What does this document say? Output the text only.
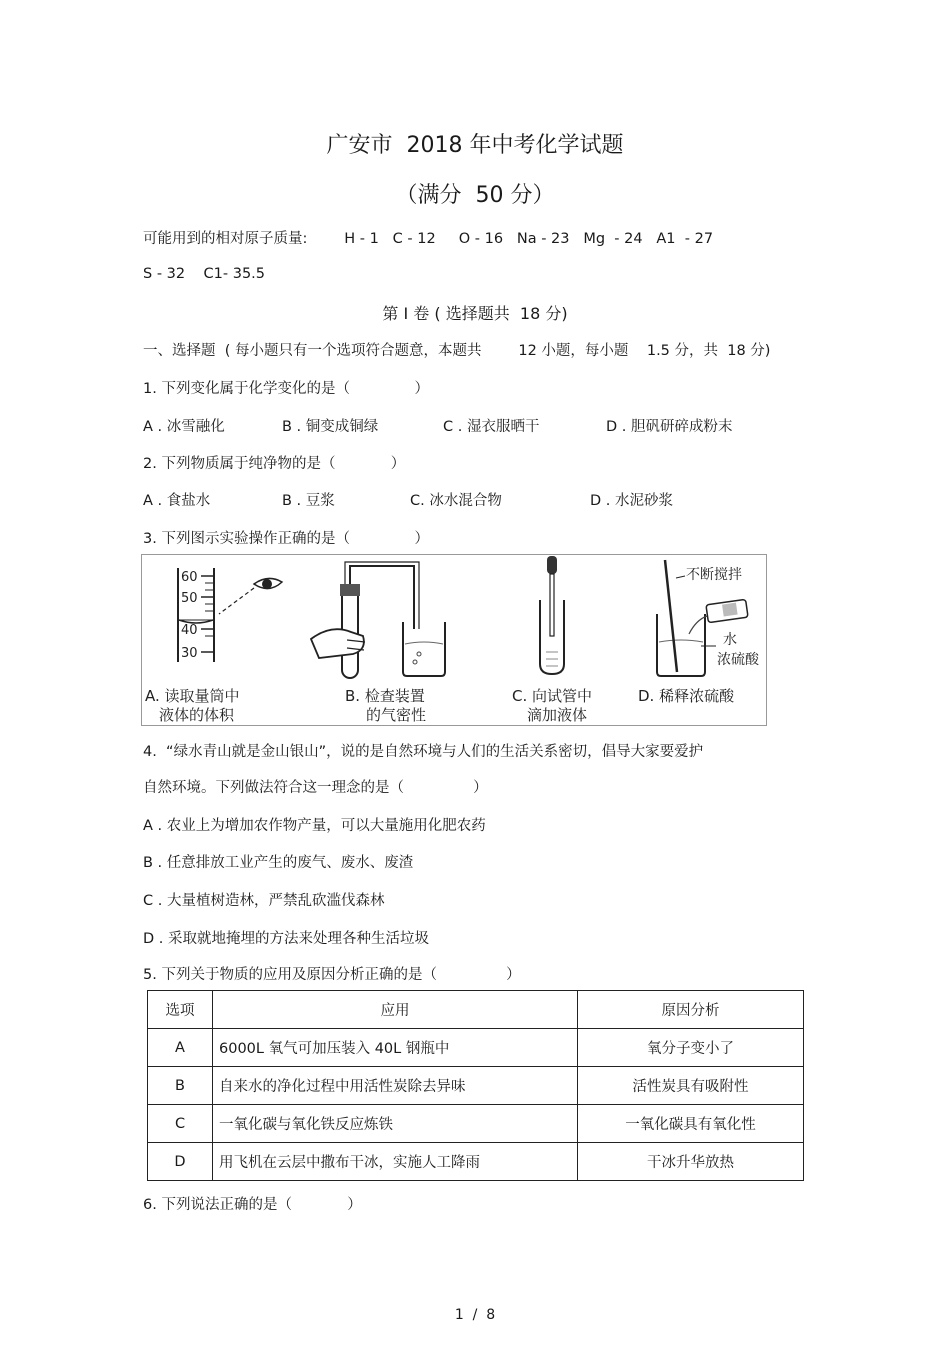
广安市  2018 年中考化学试题
（满分  50 分）
可能用到的相对原子质量:        H - 1   C - 12     O - 16   Na - 23   Mg  - 24   A1  - 27
S - 32    C1- 35.5
第 I 卷 ( 选择题共  18 分)
一、选择题  ( 每小题只有一个选项符合题意，本题共        12 小题，每小题    1.5 分，共  18 分)
1. 下列变化属于化学变化的是（              ）
A . 冰雪融化	B . 铜变成铜绿	C . 湿衣服晒干	D . 胆矾研碎成粉末
2. 下列物质属于纯净物的是（            ）
A . 食盐水	B . 豆浆	C. 冰水混合物	D . 水泥砂浆
3. 下列图示实验操作正确的是（              ）
60
50
40
30
A. 读取量筒中
液体的体积
B. 检查装置
的气密性
C. 向试管中
滴加液体
不断搅拌
水
浓硫酸
D. 稀释浓硫酸
4.  “绿水青山就是金山银山”，说的是自然环境与人们的生活关系密切，倡导大家要爱护
自然环境。下列做法符合这一理念的是（               ）
A . 农业上为增加农作物产量，可以大量施用化肥农药
B . 任意排放工业产生的废气、废水、废渣
C . 大量植树造林，严禁乱砍滥伐森林
D . 采取就地掩埋的方法来处理各种生活垃圾
5. 下列关于物质的应用及原因分析正确的是（               ）
选项	应用	原因分析
A	6000L 氧气可加压装入 40L 钢瓶中	氧分子变小了
B	自来水的净化过程中用活性炭除去异味	活性炭具有吸附性
C	一氧化碳与氧化铁反应炼铁	一氧化碳具有氧化性
D	用飞机在云层中撒布干冰，实施人工降雨	干冰升华放热
6. 下列说法正确的是（            ）
1  /  8
